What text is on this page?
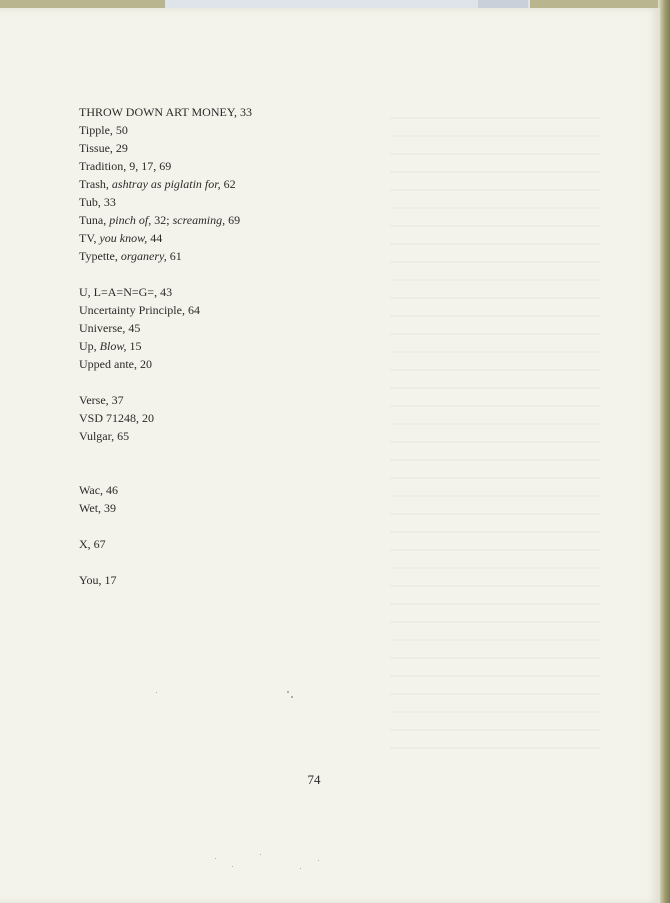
THROW DOWN ART MONEY, 33

Tipple, 50

Tissue, 29

Tradition, 9, 17, 69

Trash, ashtray as piglatin for, 62

Tub, 33

Tuna, pinch of, 32; screaming, 69

TV, you know, 44

Typette, organery, 61

U, L=A=N=G=, 43

Uncertainty Principle, 64

Universe, 45

Up, Blow, 15

Upped ante, 20

Verse, 37

VSD 71248, 20

Vulgar, 65

Wac, 46

Wet, 39

X, 67

You, 17

74
